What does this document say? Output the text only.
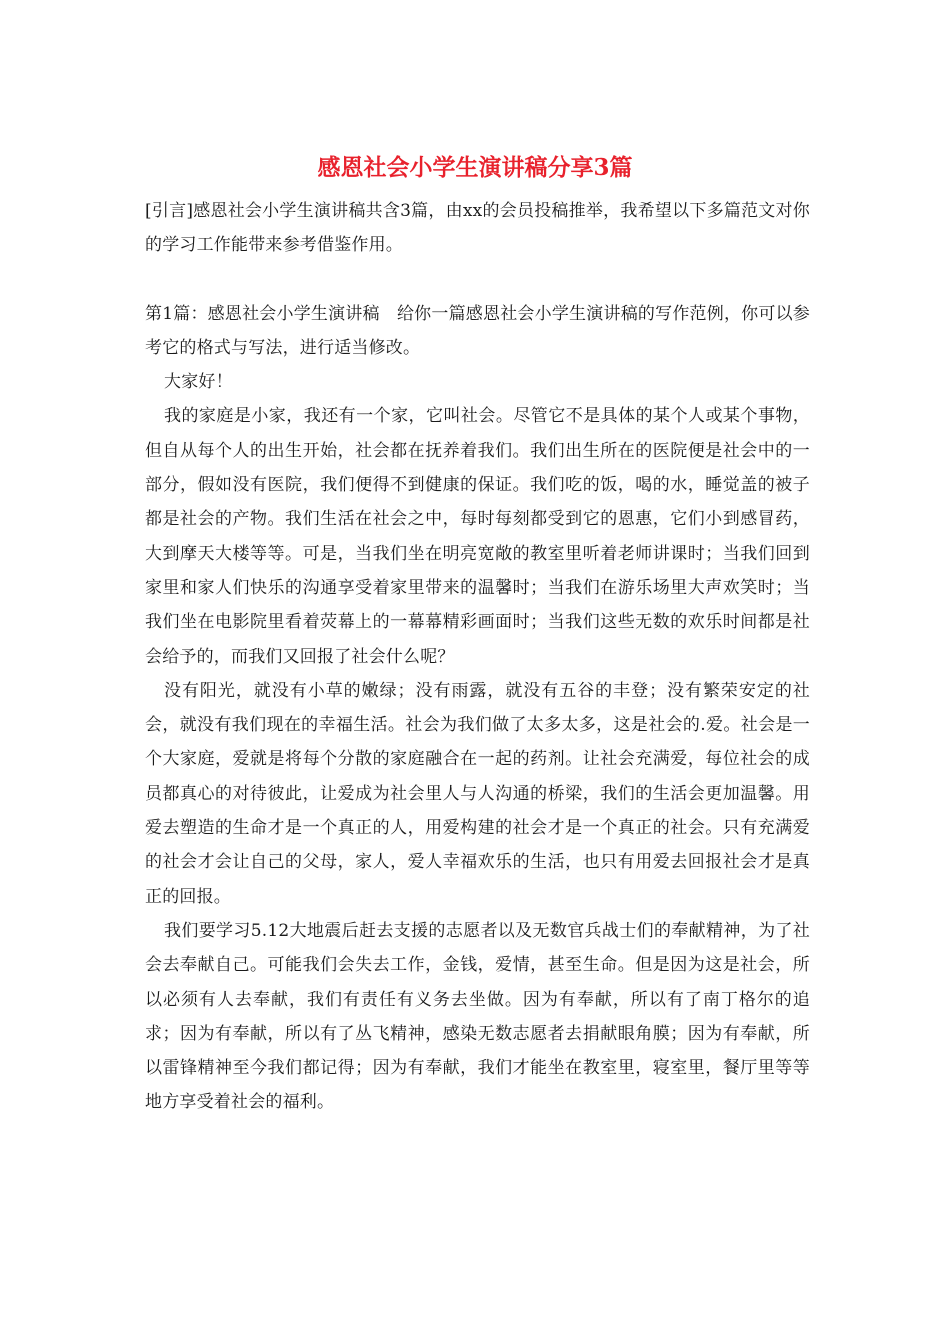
感恩社会小学生演讲稿分享3篇

[引言]感恩社会小学生演讲稿共含3篇，由xx的会员投稿推举，我希望以下多篇范文对你的学习工作能带来参考借鉴作用。

第1篇：感恩社会小学生演讲稿　给你一篇感恩社会小学生演讲稿的写作范例，你可以参考它的格式与写法，进行适当修改。

大家好！

我的家庭是小家，我还有一个家，它叫社会。尽管它不是具体的某个人或某个事物，但自从每个人的出生开始，社会都在抚养着我们。我们出生所在的医院便是社会中的一部分，假如没有医院，我们便得不到健康的保证。我们吃的饭，喝的水，睡觉盖的被子都是社会的产物。我们生活在社会之中，每时每刻都受到它的恩惠，它们小到感冒药，大到摩天大楼等等。可是，当我们坐在明亮宽敞的教室里听着老师讲课时；当我们回到家里和家人们快乐的沟通享受着家里带来的温馨时；当我们在游乐场里大声欢笑时；当我们坐在电影院里看着荧幕上的一幕幕精彩画面时；当我们这些无数的欢乐时间都是社会给予的，而我们又回报了社会什么呢？

没有阳光，就没有小草的嫩绿；没有雨露，就没有五谷的丰登；没有繁荣安定的社会，就没有我们现在的幸福生活。社会为我们做了太多太多，这是社会的.爱。社会是一个大家庭，爱就是将每个分散的家庭融合在一起的药剂。让社会充满爱，每位社会的成员都真心的对待彼此，让爱成为社会里人与人沟通的桥梁，我们的生活会更加温馨。用爱去塑造的生命才是一个真正的人，用爱构建的社会才是一个真正的社会。只有充满爱的社会才会让自己的父母，家人，爱人幸福欢乐的生活，也只有用爱去回报社会才是真正的回报。

我们要学习5.12大地震后赶去支援的志愿者以及无数官兵战士们的奉献精神，为了社会去奉献自己。可能我们会失去工作，金钱，爱情，甚至生命。但是因为这是社会，所以必须有人去奉献，我们有责任有义务去坐做。因为有奉献，所以有了南丁格尔的追求；因为有奉献，所以有了丛飞精神，感染无数志愿者去捐献眼角膜；因为有奉献，所以雷锋精神至今我们都记得；因为有奉献，我们才能坐在教室里，寝室里，餐厅里等等地方享受着社会的福利。
